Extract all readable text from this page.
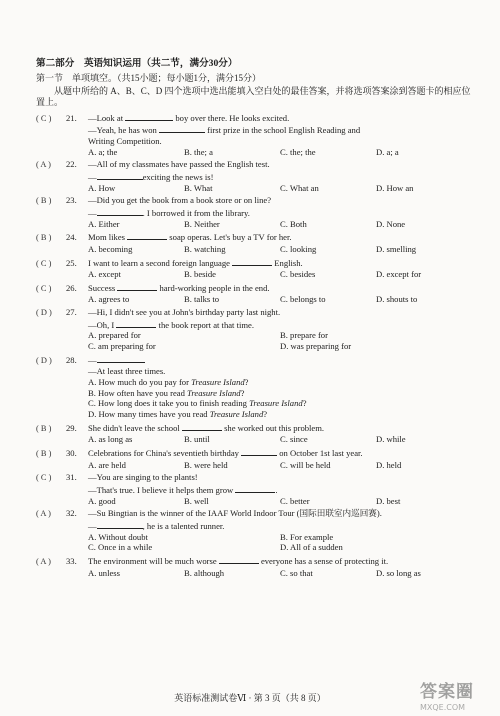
第二部分　英语知识运用（共二节，满分30分）
第一节　单项填空。（共15小题；每小题1分，满分15分）
从题中所给的 A、B、C、D 四个选项中选出能填入空白处的最佳答案，并将选项答案涂到答题卡的相应位置上。
( C )	21.	—Look at	boy over there. He looks excited.
—Yeah, he has won	first prize in the school English Reading and
Writing Competition.
A. a; the	B. the; a	C. the; the	D. a; a
( A )	22.	—All of my classmates have passed the English test.
—	exciting the news is!
A. How	B. What	C. What an	D. How an
( B )	23.	—Did you get the book from a book store or on line?
—	. I borrowed it from the library.
A. Either	B. Neither	C. Both	D. None
( B )	24.	Mom likes	soap operas. Let's buy a TV for her.
A. becoming	B. watching	C. looking	D. smelling
( C )	25.	I want to learn a second foreign language	English.
A. except	B. beside	C. besides	D. except for
( C )	26.	Success	hard-working people in the end.
A. agrees to	B. talks to	C. belongs to	D. shouts to
( D )	27.	—Hi, I didn't see you at John's birthday party last night.
—Oh, I	the book report at that time.
A. prepared for	B. prepare for
C. am preparing for	D. was preparing for
( D )	28.	—
—At least three times.
A. How much do you pay for Treasure Island?
B. How often have you read Treasure Island?
C. How long does it take you to finish reading Treasure Island?
D. How many times have you read Treasure Island?
( B )	29.	She didn't leave the school	she worked out this problem.
A. as long as	B. until	C. since	D. while
( B )	30.	Celebrations for China's seventieth birthday	on October 1st last year.
A. are held	B. were held	C. will be held	D. held
( C )	31.	—You are singing to the plants!
—That's true. I believe it helps them grow	.
A. good	B. well	C. better	D. best
( A )	32.	—Su Bingtian is the winner of the IAAF World Indoor Tour (国际田联室内巡回赛).
—	, he is a talented runner.
A. Without doubt	B. For example
C. Once in a while	D. All of a sudden
( A )	33.	The environment will be much worse	everyone has a sense of protecting it.
A. unless	B. although	C. so that	D. so long as
英语标准测试卷Ⅵ · 第 3 页（共 8 页）	答案圈
MXQE.COM
